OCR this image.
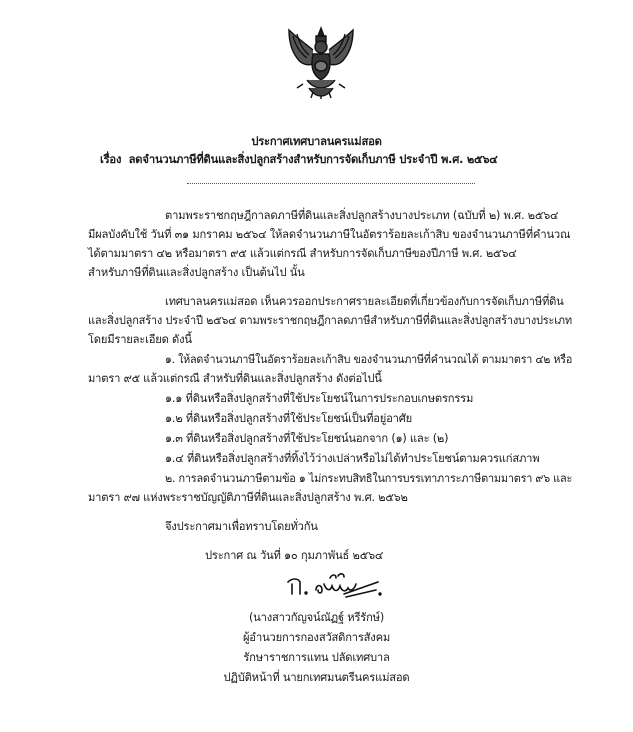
ประกาศเทศบาลนครแม่สอด
เรื่อง ลดจำนวนภาษีที่ดินและสิ่งปลูกสร้างสำหรับการจัดเก็บภาษี ประจำปี พ.ศ. ๒๕๖๔
ตามพระราชกฤษฎีกาลดภาษีที่ดินและสิ่งปลูกสร้างบางประเภท (ฉบับที่ ๒) พ.ศ. ๒๕๖๔
มีผลบังคับใช้ วันที่ ๓๑ มกราคม ๒๕๖๔ ให้ลดจำนวนภาษีในอัตราร้อยละเก้าสิบ ของจำนวนภาษีที่คำนวณ
ได้ตามมาตรา ๔๒ หรือมาตรา ๙๕ แล้วแต่กรณี สำหรับการจัดเก็บภาษีของปีภาษี พ.ศ. ๒๕๖๔
สำหรับภาษีที่ดินและสิ่งปลูกสร้าง เป็นต้นไป นั้น
เทศบาลนครแม่สอด เห็นควรออกประกาศรายละเอียดที่เกี่ยวข้องกับการจัดเก็บภาษีที่ดิน
และสิ่งปลูกสร้าง ประจำปี ๒๕๖๔ ตามพระราชกฤษฎีกาลดภาษีสำหรับภาษีที่ดินและสิ่งปลูกสร้างบางประเภท
โดยมีรายละเอียด ดังนี้
๑. ให้ลดจำนวนภาษีในอัตราร้อยละเก้าสิบ ของจำนวนภาษีที่คำนวณได้ ตามมาตรา ๔๒ หรือ
มาตรา ๙๕ แล้วแต่กรณี สำหรับที่ดินและสิ่งปลูกสร้าง ดังต่อไปนี้
๑.๑ ที่ดินหรือสิ่งปลูกสร้างที่ใช้ประโยชน์ในการประกอบเกษตรกรรม
๑.๒ ที่ดินหรือสิ่งปลูกสร้างที่ใช้ประโยชน์เป็นที่อยู่อาศัย
๑.๓ ที่ดินหรือสิ่งปลูกสร้างที่ใช้ประโยชน์นอกจาก (๑) และ (๒)
๑.๔ ที่ดินหรือสิ่งปลูกสร้างที่ทิ้งไว้ว่างเปล่าหรือไม่ได้ทำประโยชน์ตามควรแก่สภาพ
๒. การลดจำนวนภาษีตามข้อ ๑ ไม่กระทบสิทธิในการบรรเทาภาระภาษีตามมาตรา ๙๖ และ
มาตรา ๙๗ แห่งพระราชบัญญัติภาษีที่ดินและสิ่งปลูกสร้าง พ.ศ. ๒๕๖๒
จึงประกาศมาเพื่อทราบโดยทั่วกัน
ประกาศ ณ วันที่ ๑๐ กุมภาพันธ์ ๒๕๖๔
(นางสาวกัญจน์ณัฏฐ์ หรีรักษ์)
ผู้อำนวยการกองสวัสดิการสังคม
รักษาราชการแทน ปลัดเทศบาล
ปฏิบัติหน้าที่ นายกเทศมนตรีนครแม่สอด
